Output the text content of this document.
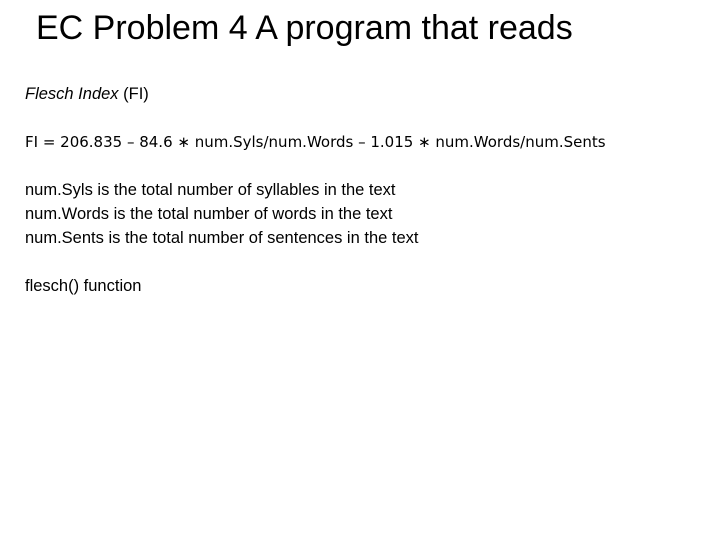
EC Problem 4 A program that reads
Flesch Index (FI)
FI = 206.835 – 84.6 ∗ num.Syls/num.Words – 1.015 ∗ num.Words/num.Sents
num.Syls is the total number of syllables in the text
num.Words is the total number of words in the text
num.Sents is the total number of sentences in the text
flesch() function
